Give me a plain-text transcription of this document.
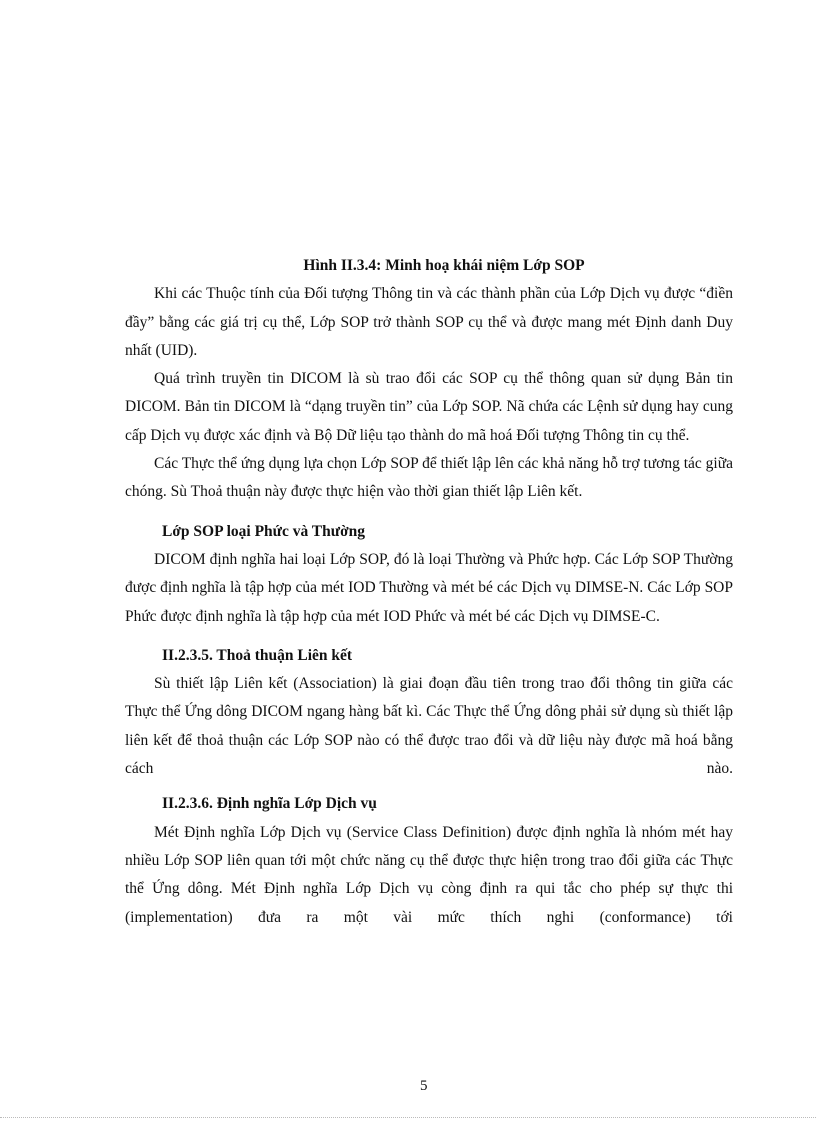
Hình II.3.4: Minh hoạ khái niệm Lớp SOP

Khi các Thuộc tính của Đối tượng Thông tin và các thành phần của Lớp Dịch vụ được “điền đầy” bằng các giá trị cụ thể, Lớp SOP trở thành SOP cụ thể và được mang mét Định danh Duy nhất (UID).

Quá trình truyền tin DICOM là sù trao đổi các SOP cụ thể thông quan sử dụng Bản tin DICOM. Bản tin DICOM là “dạng truyền tin” của Lớp SOP. Nã chứa các Lệnh sử dụng hay cung cấp Dịch vụ được xác định và Bộ Dữ liệu tạo thành do mã hoá Đối tượng Thông tin cụ thể.

Các Thực thể ứng dụng lựa chọn Lớp SOP để thiết lập lên các khả năng hỗ trợ tương tác giữa chóng. Sù Thoả thuận này được thực hiện vào thời gian thiết lập Liên kết.

Lớp SOP loại Phức và Thường

DICOM định nghĩa hai loại Lớp SOP, đó là loại Thường và Phức hợp. Các Lớp SOP Thường được định nghĩa là tập hợp của mét IOD Thường và mét bé các Dịch vụ DIMSE-N. Các Lớp SOP Phức được định nghĩa là tập hợp của mét IOD Phức và mét bé các Dịch vụ DIMSE-C.

II.2.3.5. Thoả thuận Liên kết

Sù thiết lập Liên kết (Association) là giai đoạn đầu tiên trong trao đổi thông tin giữa các Thực thể Ứng dông DICOM ngang hàng bất kì. Các Thực thể Ứng dông phải sử dụng sù thiết lập liên kết để thoả thuận các Lớp SOP nào có thể được trao đổi và dữ liệu này được mã hoá bằng cách nào.

II.2.3.6. Định nghĩa Lớp Dịch vụ

Mét Định nghĩa Lớp Dịch vụ (Service Class Definition) được định nghĩa là nhóm mét hay nhiều Lớp SOP liên quan tới một chức năng cụ thể được thực hiện trong trao đổi giữa các Thực thể Ứng dông. Mét Định nghĩa Lớp Dịch vụ còng định ra qui tắc cho phép sự thực thi (implementation) đưa ra một vài mức thích nghi (conformance) tới

5
